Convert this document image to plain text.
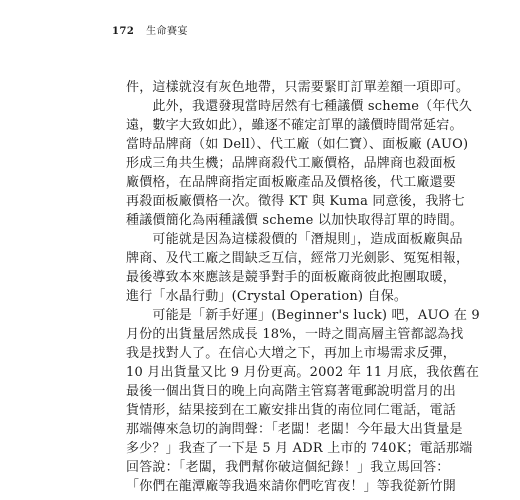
172 生命賽宴
件，這樣就沒有灰色地帶，只需要緊盯訂單差額一項即可。
　　此外，我還發現當時居然有七種議價 scheme（年代久
遠，數字大致如此），雖逐不確定訂單的議價時間常延宕。
當時品牌商（如 Dell）、代工廠（如仁寶）、面板廠 (AUO)
形成三角共生機；品牌商殺代工廠價格，品牌商也殺面板
廠價格，在品牌商指定面板廠產品及價格後，代工廠還要
再殺面板廠價格一次。徵得 KT 與 Kuma 同意後，我將七
種議價簡化為兩種議價 scheme 以加快取得訂單的時間。
　　可能就是因為這樣殺價的「潛規則」，造成面板廠與品
牌商、及代工廠之間缺乏互信，經常刀光劍影、冤冤相報，
最後導致本來應該是競爭對手的面板廠商彼此抱團取暖，
進行「水晶行動」(Crystal Operation) 自保。
　　可能是「新手好運」(Beginner's luck) 吧，AUO 在 9
月份的出貨量居然成長 18%，一時之間高層主管都認為找
我是找對人了。在信心大增之下，再加上市場需求反彈，
10 月出貨量又比 9 月份更高。2002 年 11 月底，我依舊在
最後一個出貨日的晚上向高階主管寫著電郵說明當月的出
貨情形，結果接到在工廠安排出貨的南位同仁電話，電話
那端傳來急切的詢問聲：「老闆！老闆！今年最大出貨量是
多少？」我查了一下是 5 月 ADR 上市的 740K；電話那端
回答說：「老闆，我們幫你破這個紀錄！」我立馬回答：
「你們在龍潭廠等我過來請你們吃宵夜！」等我從新竹開
